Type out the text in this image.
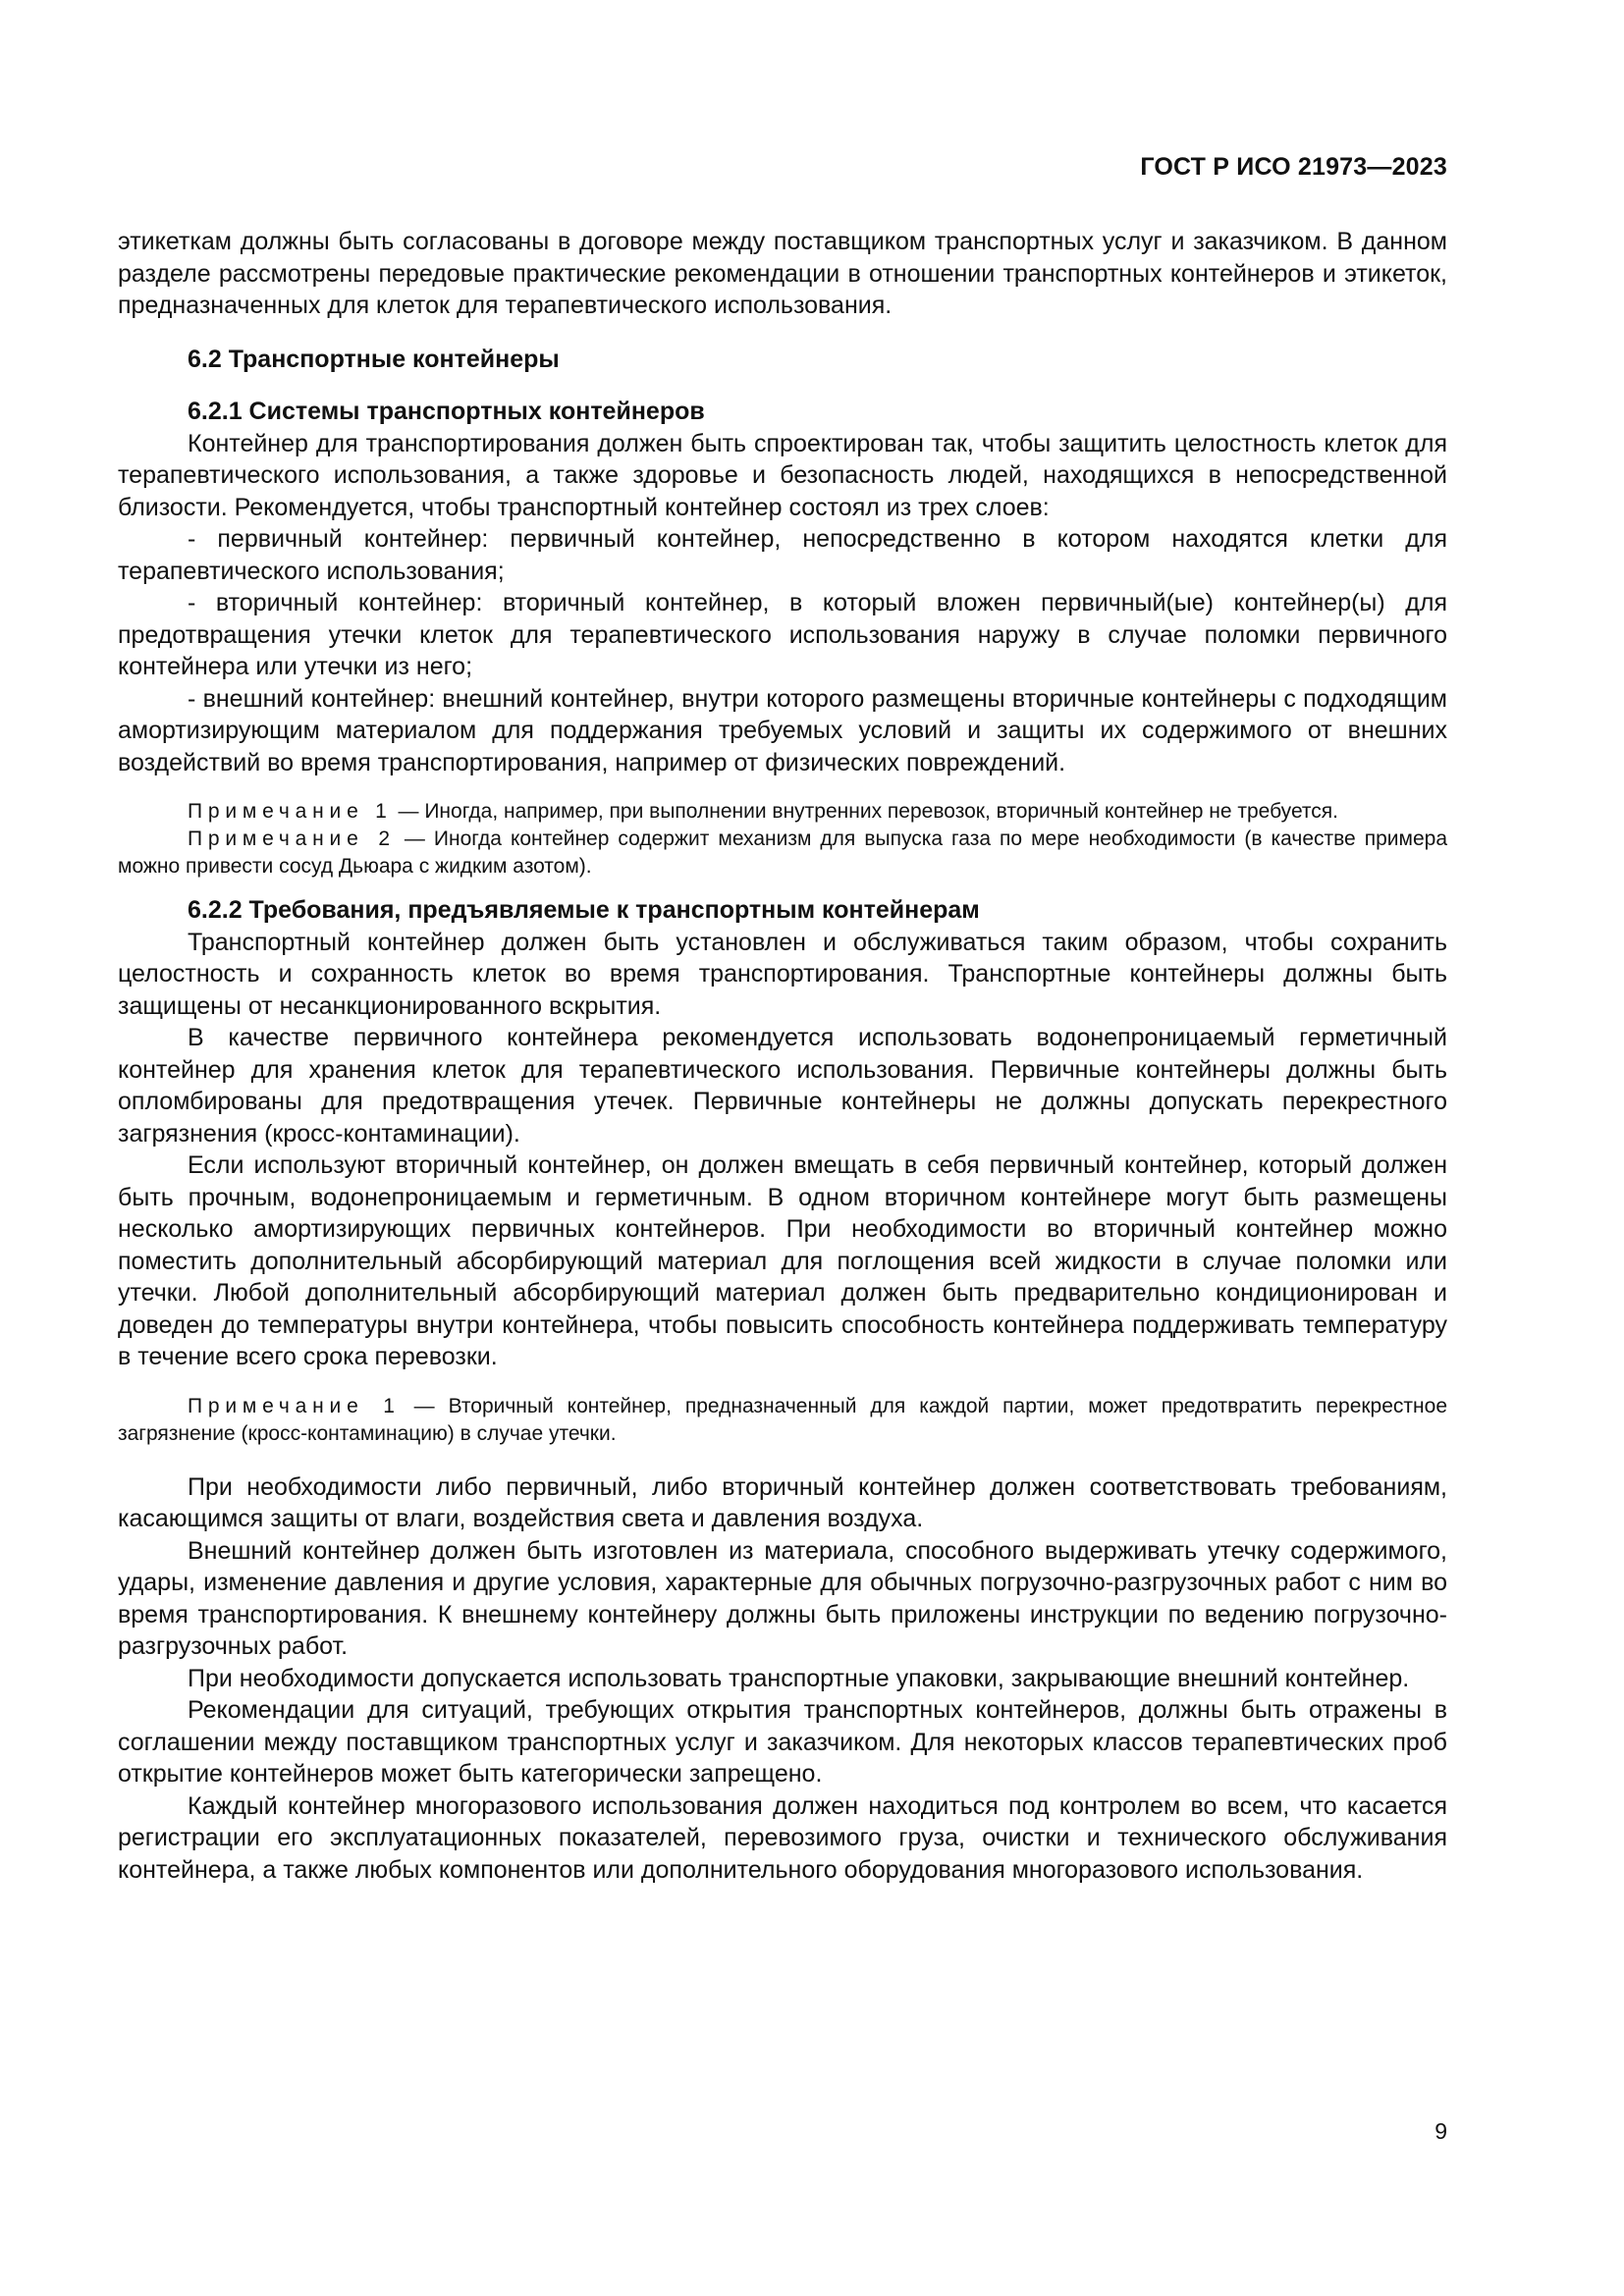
ГОСТ Р ИСО 21973—2023

этикеткам должны быть согласованы в договоре между поставщиком транспортных услуг и заказчиком. В данном разделе рассмотрены передовые практические рекомендации в отношении транспортных контейнеров и этикеток, предназначенных для клеток для терапевтического использования.

6.2 Транспортные контейнеры
6.2.1 Системы транспортных контейнеров

Контейнер для транспортирования должен быть спроектирован так, чтобы защитить целостность клеток для терапевтического использования, а также здоровье и безопасность людей, находящихся в непосредственной близости. Рекомендуется, чтобы транспортный контейнер состоял из трех слоев:

- первичный контейнер: первичный контейнер, непосредственно в котором находятся клетки для терапевтического использования;

- вторичный контейнер: вторичный контейнер, в который вложен первичный(ые) контейнер(ы) для предотвращения утечки клеток для терапевтического использования наружу в случае поломки первичного контейнера или утечки из него;

- внешний контейнер: внешний контейнер, внутри которого размещены вторичные контейнеры с подходящим амортизирующим материалом для поддержания требуемых условий и защиты их содержимого от внешних воздействий во время транспортирования, например от физических повреждений.

Примечание 1 — Иногда, например, при выполнении внутренних перевозок, вторичный контейнер не требуется.

Примечание 2 — Иногда контейнер содержит механизм для выпуска газа по мере необходимости (в качестве примера можно привести сосуд Дьюара с жидким азотом).

6.2.2 Требования, предъявляемые к транспортным контейнерам

Транспортный контейнер должен быть установлен и обслуживаться таким образом, чтобы сохранить целостность и сохранность клеток во время транспортирования. Транспортные контейнеры должны быть защищены от несанкционированного вскрытия.

В качестве первичного контейнера рекомендуется использовать водонепроницаемый герметичный контейнер для хранения клеток для терапевтического использования. Первичные контейнеры должны быть опломбированы для предотвращения утечек. Первичные контейнеры не должны допускать перекрестного загрязнения (кросс-контаминации).

Если используют вторичный контейнер, он должен вмещать в себя первичный контейнер, который должен быть прочным, водонепроницаемым и герметичным. В одном вторичном контейнере могут быть размещены несколько амортизирующих первичных контейнеров. При необходимости во вторичный контейнер можно поместить дополнительный абсорбирующий материал для поглощения всей жидкости в случае поломки или утечки. Любой дополнительный абсорбирующий материал должен быть предварительно кондиционирован и доведен до температуры внутри контейнера, чтобы повысить способность контейнера поддерживать температуру в течение всего срока перевозки.

Примечание 1 — Вторичный контейнер, предназначенный для каждой партии, может предотвратить перекрестное загрязнение (кросс-контаминацию) в случае утечки.

При необходимости либо первичный, либо вторичный контейнер должен соответствовать требованиям, касающимся защиты от влаги, воздействия света и давления воздуха.

Внешний контейнер должен быть изготовлен из материала, способного выдерживать утечку содержимого, удары, изменение давления и другие условия, характерные для обычных погрузочно-разгрузочных работ с ним во время транспортирования. К внешнему контейнеру должны быть приложены инструкции по ведению погрузочно-разгрузочных работ.

При необходимости допускается использовать транспортные упаковки, закрывающие внешний контейнер.

Рекомендации для ситуаций, требующих открытия транспортных контейнеров, должны быть отражены в соглашении между поставщиком транспортных услуг и заказчиком. Для некоторых классов терапевтических проб открытие контейнеров может быть категорически запрещено.

Каждый контейнер многоразового использования должен находиться под контролем во всем, что касается регистрации его эксплуатационных показателей, перевозимого груза, очистки и технического обслуживания контейнера, а также любых компонентов или дополнительного оборудования многоразового использования.

9
